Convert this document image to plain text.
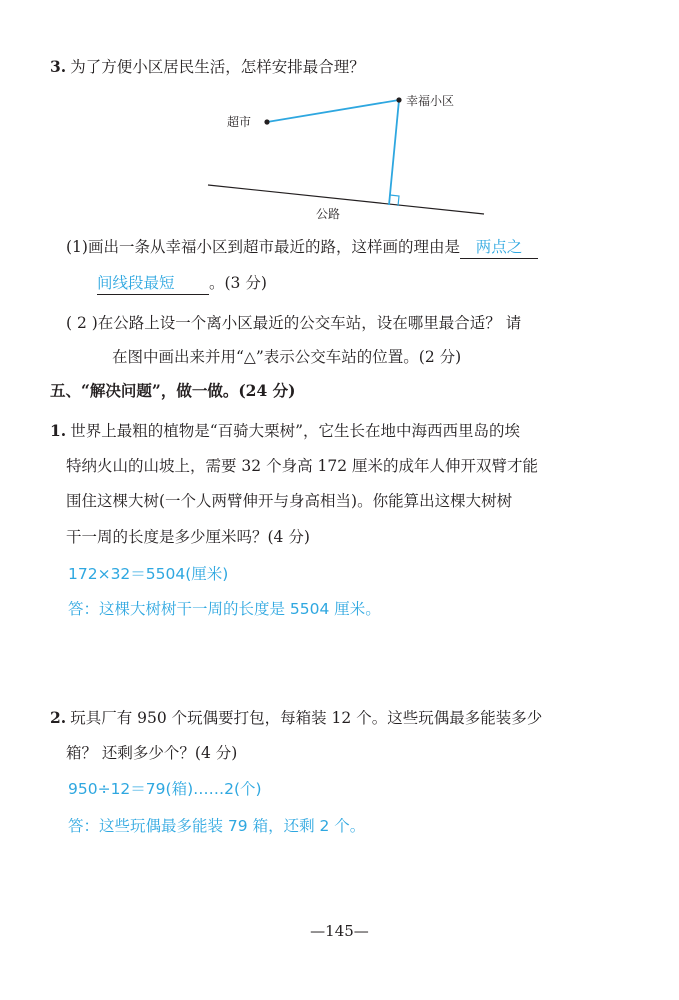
3. 为了方便小区居民生活，怎样安排最合理？
幸福小区
超市
公路
(1)画出一条从幸福小区到超市最近的路，这样画的理由是 两点之
间线段最短 。(3 分)
( 2 )在公路上设一个离小区最近的公交车站，设在哪里最合适？ 请
在图中画出来并用“△”表示公交车站的位置。(2 分)
五、“解决问题”，做一做。(24 分)
1. 世界上最粗的植物是“百骑大栗树”，它生长在地中海西西里岛的埃
特纳火山的山坡上，需要 32 个身高 172 厘米的成年人伸开双臂才能
围住这棵大树(一个人两臂伸开与身高相当)。你能算出这棵大树树
干一周的长度是多少厘米吗？(4 分)
172×32＝5504(厘米)
答：这棵大树树干一周的长度是 5504 厘米。
2. 玩具厂有 950 个玩偶要打包，每箱装 12 个。这些玩偶最多能装多少
箱？ 还剩多少个？(4 分)
950÷12＝79(箱)……2(个)
答：这些玩偶最多能装 79 箱，还剩 2 个。
—145—
